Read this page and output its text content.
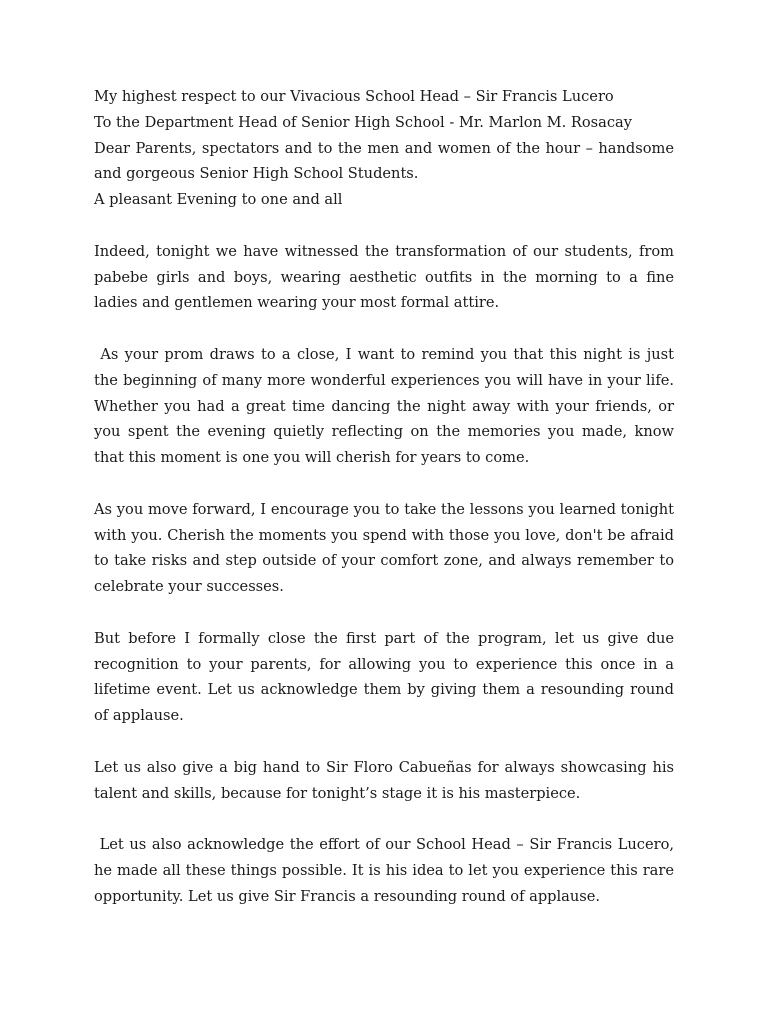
My highest respect to our Vivacious School Head – Sir Francis Lucero
To the Department Head of Senior High School - Mr. Marlon M. Rosacay
Dear Parents, spectators and to the men and women of the hour – handsome and gorgeous Senior High School Students.
A pleasant Evening to one and all

Indeed, tonight we have witnessed the transformation of our students, from pabebe girls and boys, wearing aesthetic outfits in the morning to a fine ladies and gentlemen wearing your most formal attire.

As your prom draws to a close, I want to remind you that this night is just the beginning of many more wonderful experiences you will have in your life. Whether you had a great time dancing the night away with your friends, or you spent the evening quietly reflecting on the memories you made, know that this moment is one you will cherish for years to come.

As you move forward, I encourage you to take the lessons you learned tonight with you. Cherish the moments you spend with those you love, don't be afraid to take risks and step outside of your comfort zone, and always remember to celebrate your successes.

But before I formally close the first part of the program, let us give due recognition to your parents, for allowing you to experience this once in a lifetime event. Let us acknowledge them by giving them a resounding round of applause.

Let us also give a big hand to Sir Floro Cabueñas for always showcasing his talent and skills, because for tonight’s stage it is his masterpiece.

Let us also acknowledge the effort of our School Head – Sir Francis Lucero, he made all these things possible. It is his idea to let you experience this rare opportunity. Let us give Sir Francis a resounding round of applause.
